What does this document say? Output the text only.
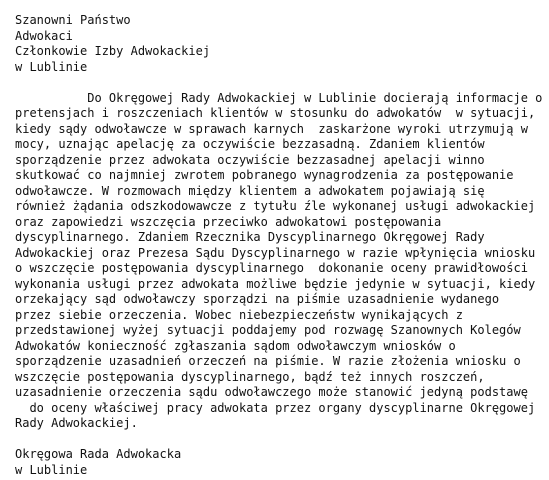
Szanowni Państwo
Adwokaci
Członkowie Izby Adwokackiej
w Lublinie
Do Okręgowej Rady Adwokackiej w Lublinie docierają informacje o
pretensjach i roszczeniach klientów w stosunku do adwokatów  w sytuacji,
kiedy sądy odwoławcze w sprawach karnych  zaskarżone wyroki utrzymują w
mocy, uznając apelację za oczywiście bezzasadną. Zdaniem klientów
sporządzenie przez adwokata oczywiście bezzasadnej apelacji winno
skutkować co najmniej zwrotem pobranego wynagrodzenia za postępowanie
odwoławcze. W rozmowach między klientem a adwokatem pojawiają się
również żądania odszkodowawcze z tytułu źle wykonanej usługi adwokackiej
oraz zapowiedzi wszczęcia przeciwko adwokatowi postępowania
dyscyplinarnego. Zdaniem Rzecznika Dyscyplinarnego Okręgowej Rady
Adwokackiej oraz Prezesa Sądu Dyscyplinarnego w razie wpłynięcia wniosku
o wszczęcie postępowania dyscyplinarnego  dokonanie oceny prawidłowości
wykonania usługi przez adwokata możliwe będzie jedynie w sytuacji, kiedy
orzekający sąd odwoławczy sporządzi na piśmie uzasadnienie wydanego
przez siebie orzeczenia. Wobec niebezpieczeństw wynikających z
przedstawionej wyżej sytuacji poddajemy pod rozwagę Szanownych Kolegów
Adwokatów konieczność zgłaszania sądom odwoławczym wniosków o
sporządzenie uzasadnień orzeczeń na piśmie. W razie złożenia wniosku o
wszczęcie postępowania dyscyplinarnego, bądź też innych roszczeń,
uzasadnienie orzeczenia sądu odwoławczego może stanowić jedyną podstawę
do oceny właściwej pracy adwokata przez organy dyscyplinarne Okręgowej
Rady Adwokackiej.
Okręgowa Rada Adwokacka
w Lublinie
